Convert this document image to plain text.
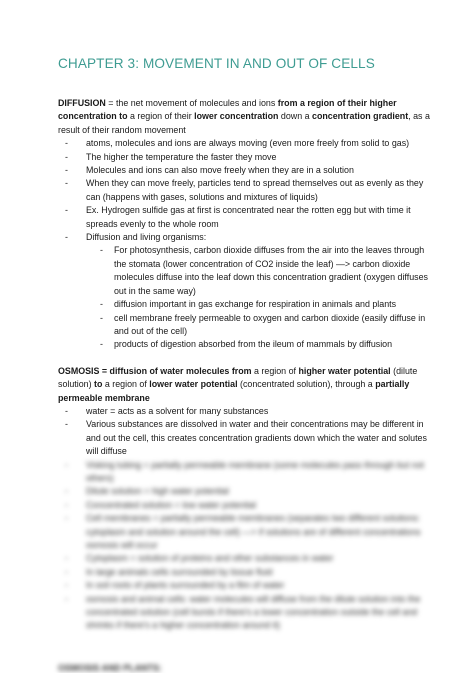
CHAPTER 3: MOVEMENT IN AND OUT OF CELLS

DIFFUSION = the net movement of molecules and ions from a region of their higher concentration to a region of their lower concentration down a concentration gradient, as a result of their random movement

-	atoms, molecules and ions are always moving (even more freely from solid to gas)
-	The higher the temperature the faster they move
-	Molecules and ions can also move freely when they are in a solution
-	When they can move freely, particles tend to spread themselves out as evenly as they can (happens with gases, solutions and mixtures of liquids)
-	Ex. Hydrogen sulfide gas at first is concentrated near the rotten egg but with time it spreads evenly to the whole room
-	Diffusion and living organisms:
- For photosynthesis, carbon dioxide diffuses from the air into the leaves through the stomata (lower concentration of CO2 inside the leaf) —> carbon dioxide molecules diffuse into the leaf down this concentration gradient (oxygen diffuses out in the same way)
- diffusion important in gas exchange for respiration in animals and plants
- cell membrane freely permeable to oxygen and carbon dioxide (easily diffuse in and out of the cell)
- products of digestion absorbed from the ileum of mammals by diffusion

OSMOSIS = diffusion of water molecules from a region of higher water potential (dilute solution) to a region of lower water potential (concentrated solution), through a partially permeable membrane

-	water = acts as a solvent for many substances
-	Various substances are dissolved in water and their concentrations may be different in and out the cell, this creates concentration gradients down which the water and solutes will diffuse
-	Visking tubing = partially permeable membrane (some molecules pass through but not others)
-	Dilute solution = high water potential
-	Concentrated solution = low water potential
-	Cell membranes = partially permeable membranes (separates two different solutions: cytoplasm and solution around the cell) —> if solutions are of different concentrations osmosis will occur
-	Cytoplasm = solution of proteins and other substances in water
-	In large animals cells surrounded by tissue fluid
-	In soil roots of plants surrounded by a film of water
-	osmosis and animal cells: water molecules will diffuse from the dilute solution into the concentrated solution (cell bursts if there's a lower concentration outside the cell and shrinks if there's a higher concentration around it)
OSMOSIS AND PLANTS:
